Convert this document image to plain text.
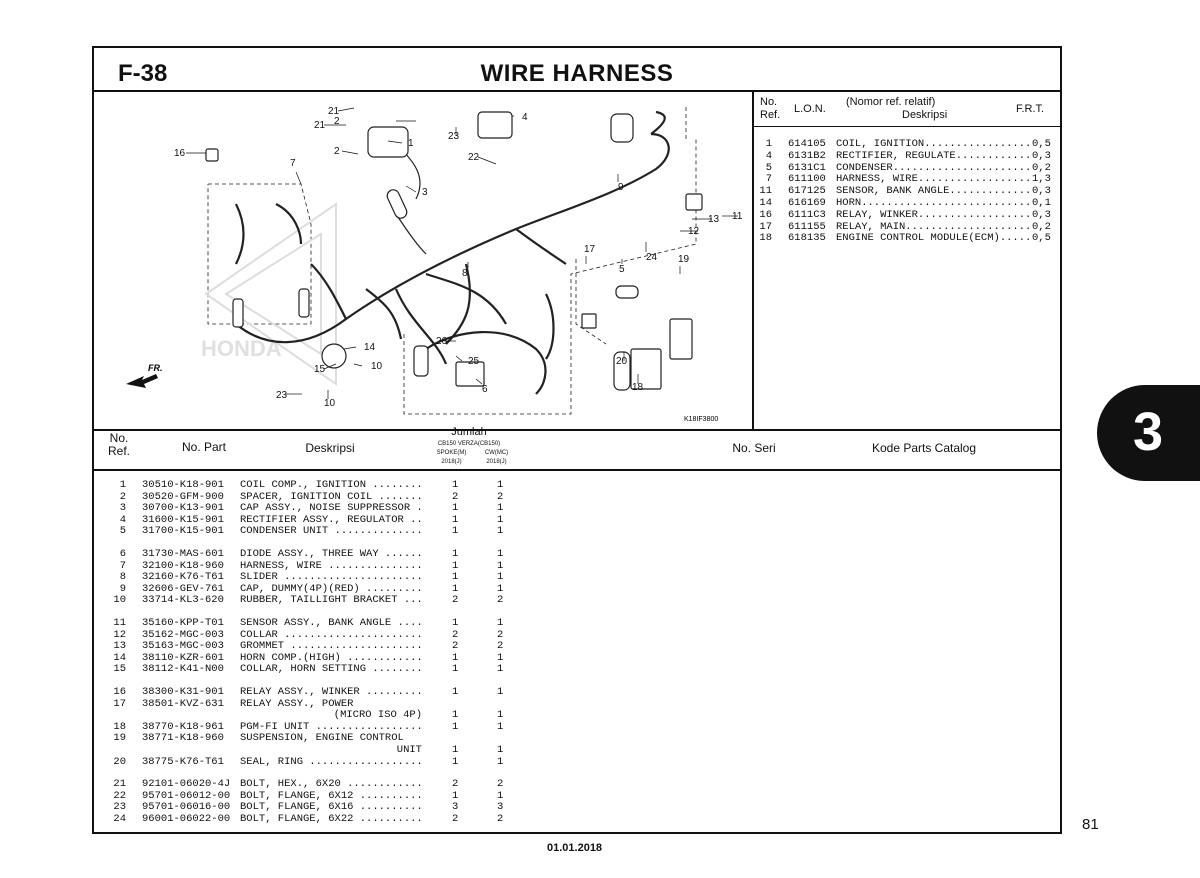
F-38	WIRE HARNESS
HONDA
FR.
K18IF3800
21
21
2
2
23
4
1
3
16
7
22
9
13 11
12
24
17
5
19
8
14
26
25
15	10
6
23
10
20
18
No.
Ref. L.O.N.
(Nomor ref. relatif)
Deskripsi	F.R.T.
1 614105 COIL, IGNITION................. 0,5
4 6131B2 RECTIFIER, REGULATE............ 0,3
5 6131C1 CONDENSER...................... 0,2
7 611100 HARNESS, WIRE.................. 1,3
11 617125 SENSOR, BANK ANGLE............. 0,3
14 616169 HORN........................... 0,1
16 6111C3 RELAY, WINKER.................. 0,3
17 611155 RELAY, MAIN.................... 0,2
18 618135 ENGINE CONTROL MODULE(ECM)..... 0,5
No.
Ref.	No. Part	Deskripsi
Jumlah
CB150 VERZA(CB150)
SPOKE(M)
2018(J)
CW(MC)
2018(J)
No. Seri	Kode Parts Catalog
1 30510-K18-901 COIL COMP., IGNITION ........	1	1
2 30520-GFM-900 SPACER, IGNITION COIL .......	2	2
3 30700-K13-901 CAP ASSY., NOISE SUPPRESSOR .	1	1
4 31600-K15-901 RECTIFIER ASSY., REGULATOR ..	1	1
5 31700-K15-901 CONDENSER UNIT ..............	1	1
6 31730-MAS-601 DIODE ASSY., THREE WAY ......	1	1
7 32100-K18-960 HARNESS, WIRE ...............	1	1
8 32160-K76-T61 SLIDER ......................	1	1
9 32606-GEV-761 CAP, DUMMY(4P)(RED) .........	1	1
10 33714-KL3-620 RUBBER, TAILLIGHT BRACKET ...	2	2
11 35160-KPP-T01 SENSOR ASSY., BANK ANGLE ....	1	1
12 35162-MGC-003 COLLAR ......................	2	2
13 35163-MGC-003 GROMMET .....................	2	2
14 38110-KZR-601 HORN COMP.(HIGH) ............	1	1
15 38112-K41-N00 COLLAR, HORN SETTING ........	1	1
16 38300-K31-901 RELAY ASSY., WINKER .........	1	1
17 38501-KVZ-631 RELAY ASSY., POWER
(MICRO ISO 4P)	1	1
18 38770-K18-961 PGM-FI UNIT .................	1	1
19 38771-K18-960 SUSPENSION, ENGINE CONTROL
UNIT	1	1
20 38775-K76-T61 SEAL, RING ..................	1	1
21 92101-06020-4J BOLT, HEX., 6X20 ............	2	2
22 95701-06012-00 BOLT, FLANGE, 6X12 ..........	1	1
23 95701-06016-00 BOLT, FLANGE, 6X16 ..........	3	3
24 96001-06022-00 BOLT, FLANGE, 6X22 ..........	2	2
3
81
01.01.2018
